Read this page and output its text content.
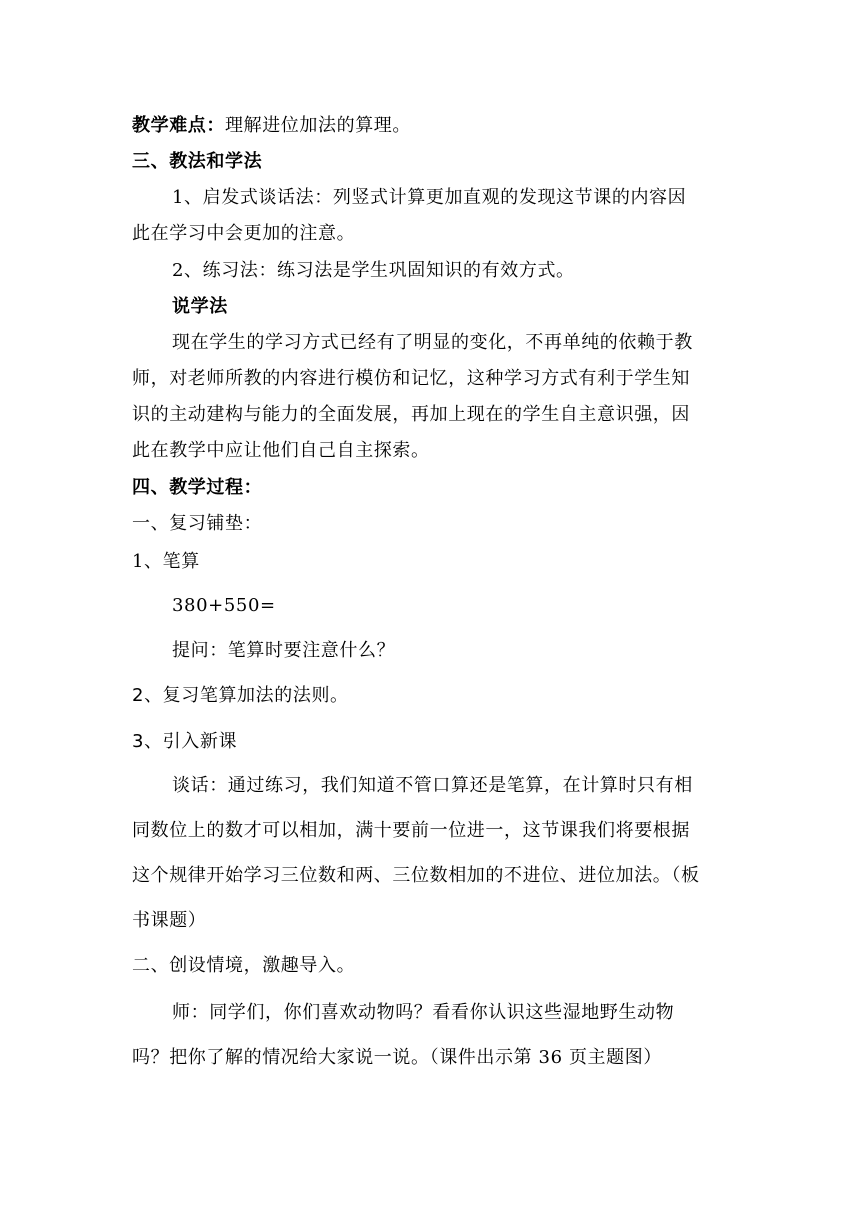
教学难点：理解进位加法的算理。
三、教法和学法
1、启发式谈话法：列竖式计算更加直观的发现这节课的内容因
此在学习中会更加的注意。
2、练习法：练习法是学生巩固知识的有效方式。
说学法
现在学生的学习方式已经有了明显的变化，不再单纯的依赖于教
师，对老师所教的内容进行模仿和记忆，这种学习方式有利于学生知
识的主动建构与能力的全面发展，再加上现在的学生自主意识强，因
此在教学中应让他们自己自主探索。
四、教学过程：
一、复习铺垫：
1、笔算
380+550=
提问：笔算时要注意什么？
2、复习笔算加法的法则。
3、引入新课
谈话：通过练习，我们知道不管口算还是笔算，在计算时只有相
同数位上的数才可以相加，满十要前一位进一，这节课我们将要根据
这个规律开始学习三位数和两、三位数相加的不进位、进位加法。（板
书课题）
二、创设情境，激趣导入。
师：同学们，你们喜欢动物吗？看看你认识这些湿地野生动物
吗？把你了解的情况给大家说一说。（课件出示第 36 页主题图）
